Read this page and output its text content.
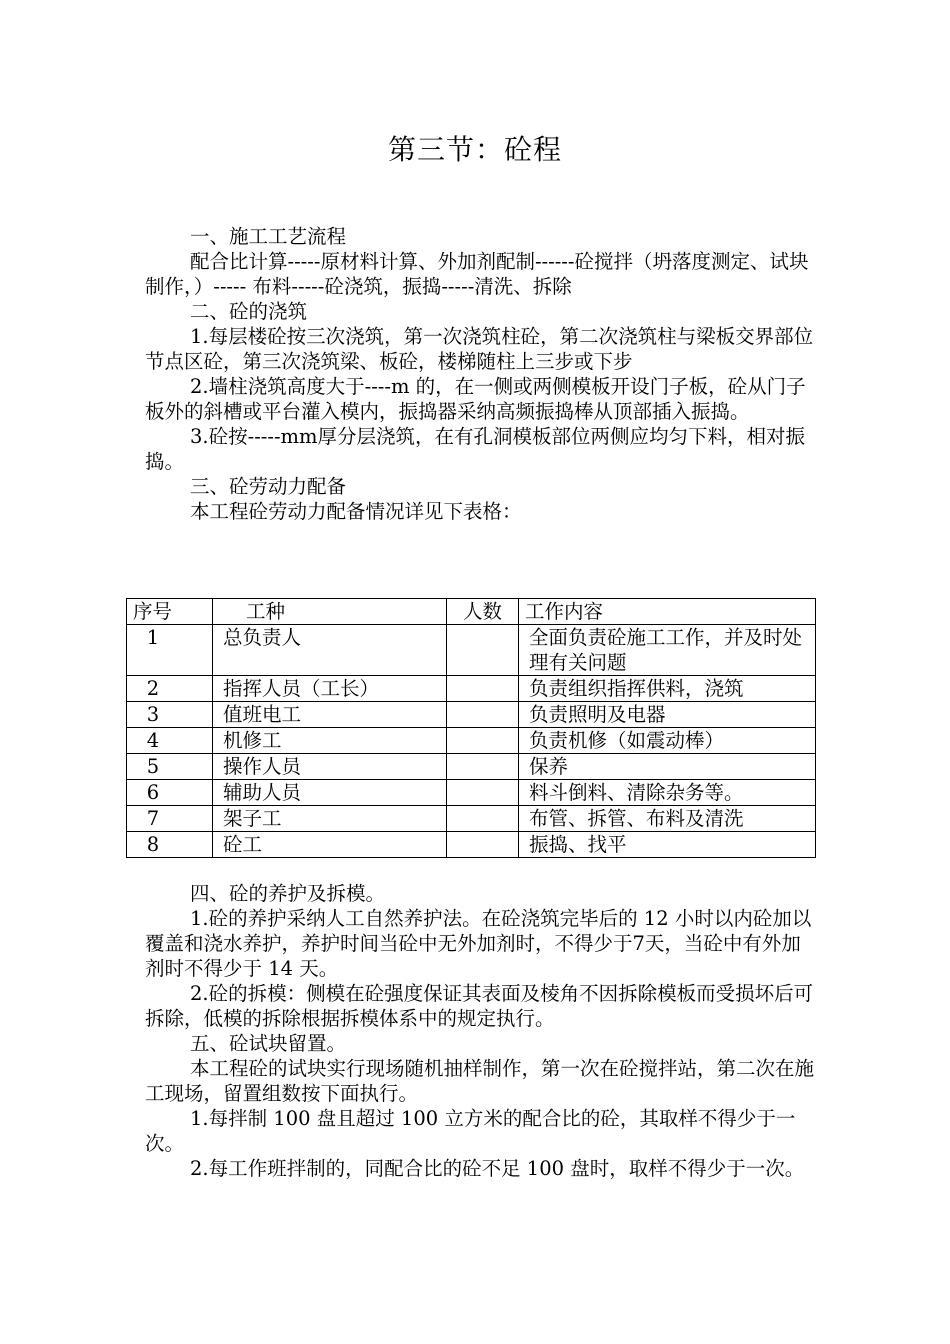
第三节：砼程

一、施工工艺流程

配合比计算-----原材料计算、外加剂配制------砼搅拌（坍落度测定、试块制作，）----- 布料-----砼浇筑，振捣-----清洗、拆除

二、砼的浇筑

1.每层楼砼按三次浇筑，第一次浇筑柱砼，第二次浇筑柱与梁板交界部位节点区砼，第三次浇筑梁、板砼，楼梯随柱上三步或下步

2.墙柱浇筑高度大于----m 的，在一侧或两侧模板开设门子板，砼从门子板外的斜槽或平台灌入模内，振捣器采纳高频振捣棒从顶部插入振捣。

3.砼按-----mm厚分层浇筑，在有孔洞模板部位两侧应均匀下料，相对振捣。

三、砼劳动力配备

本工程砼劳动力配备情况详见下表格：

序号	工种	人数	工作内容

1	总负责人		全面负责砼施工工作，并及时处理有关问题

2	指挥人员（工长）		负责组织指挥供料，浇筑

3	值班电工		负责照明及电器

4	机修工		负责机修（如震动棒）

5	操作人员		保养

6	辅助人员		料斗倒料、清除杂务等。

7	架子工		布管、拆管、布料及清洗

8	砼工		振捣、找平

四、砼的养护及拆模。

1.砼的养护采纳人工自然养护法。在砼浇筑完毕后的 12 小时以内砼加以覆盖和浇水养护，养护时间当砼中无外加剂时，不得少于7天，当砼中有外加剂时不得少于 14 天。

2.砼的拆模：侧模在砼强度保证其表面及棱角不因拆除模板而受损坏后可拆除，低模的拆除根据拆模体系中的规定执行。

五、砼试块留置。

本工程砼的试块实行现场随机抽样制作，第一次在砼搅拌站，第二次在施工现场，留置组数按下面执行。

1.每拌制 100 盘且超过 100 立方米的配合比的砼，其取样不得少于一次。

2.每工作班拌制的，同配合比的砼不足 100 盘时，取样不得少于一次。
